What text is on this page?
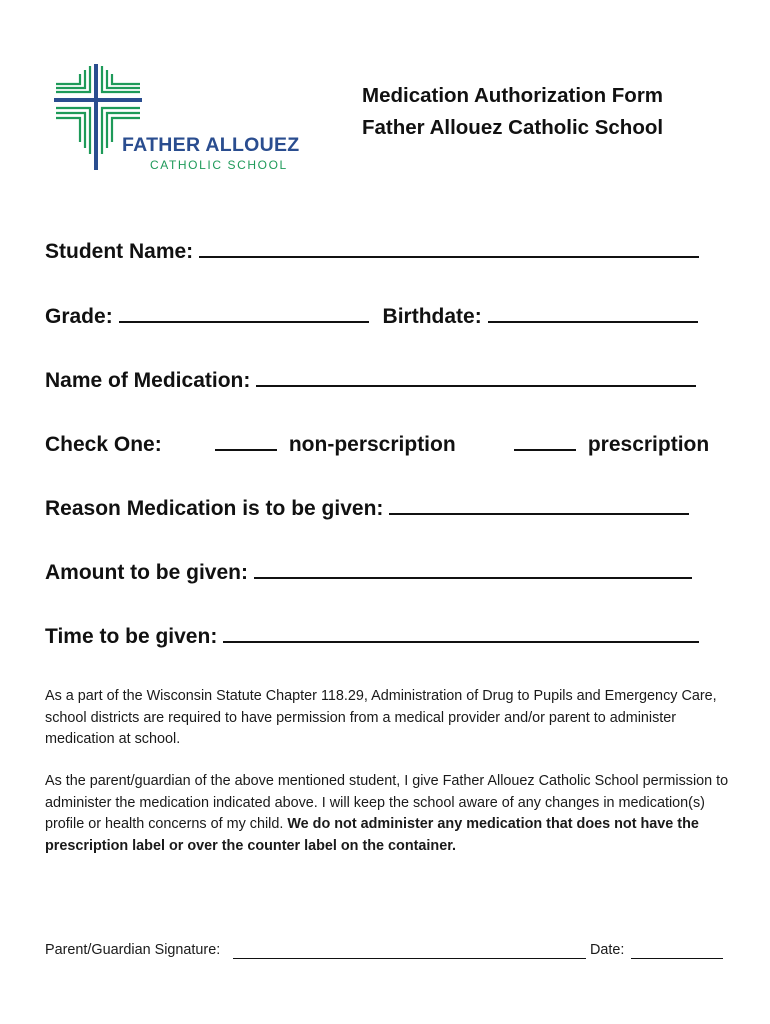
FATHER ALLOUEZ
CATHOLIC SCHOOL
Medication Authorization Form
Father Allouez Catholic School
Student Name:
Grade:	Birthdate:
Name of Medication:
Check One:	non-perscription	prescription
Reason Medication is to be given:
Amount to be given:
Time to be given:
As a part of the Wisconsin Statute Chapter 118.29, Administration of Drug to Pupils and Emergency Care, school districts are required to have permission from a medical provider and/or parent to administer medication at school.
As the parent/guardian of the above mentioned student, I give Father Allouez Catholic School permission to administer the medication indicated above. I will keep the school aware of any changes in medication(s) profile or health concerns of my child. We do not administer any medication that does not have the prescription label or over the counter label on the container.
Parent/Guardian Signature:	Date:
